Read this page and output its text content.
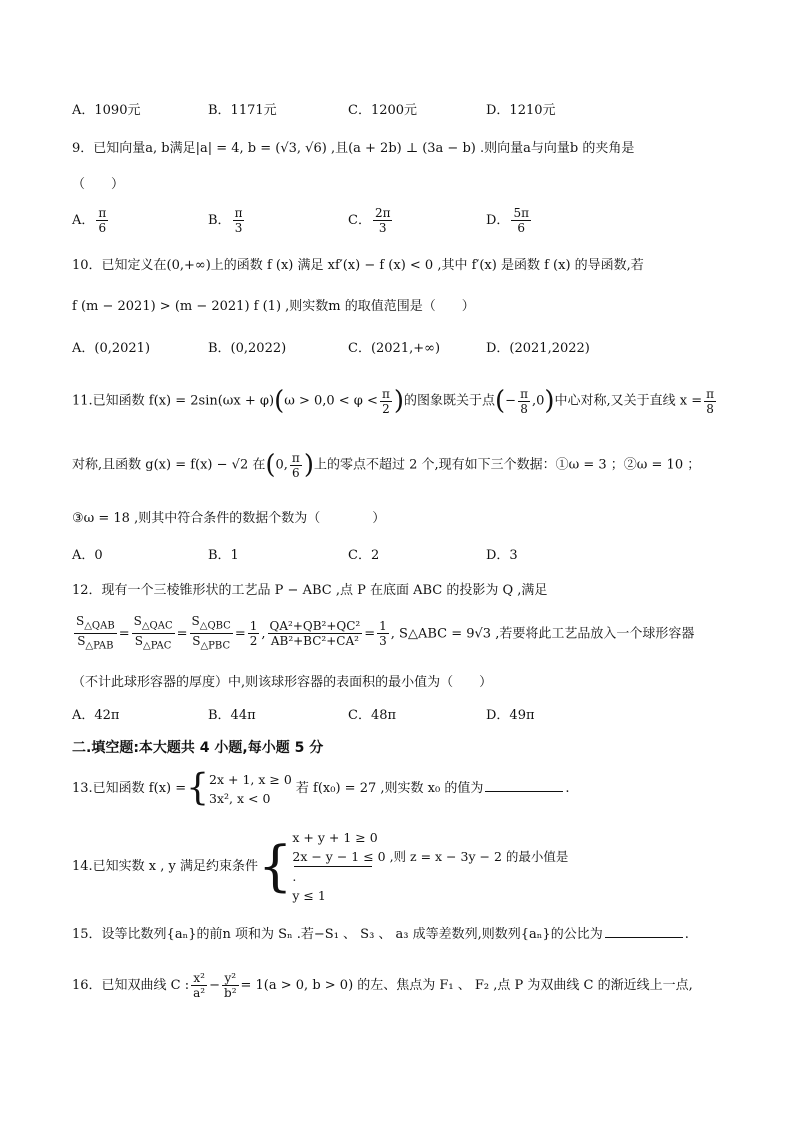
A．1090元	B．1171元	C．1200元	D．1210元
9．已知向量a, b满足|a| = 4, b = (√3, √6) ,且(a + 2b) ⊥ (3a − b) .则向量a与向量b 的夹角是
（　　）
A． $\frac{\pi}{6}$	B． $\frac{\pi}{3}$	C． $\frac{2\pi}{3}$	D． $\frac{5\pi}{6}$
10．已知定义在(0,+∞)上的函数 f (x) 满足 xf′(x) − f (x) < 0 ,其中 f′(x) 是函数 f (x) 的导函数,若
f (m − 2021) > (m − 2021) f (1) ,则实数m 的取值范围是（　　）
A．(0,2021)	B．(0,2022)	C．(2021,+∞)	D．(2021,2022)
11.已知函数 $f(x) = 2\sin(\omega x + \varphi)(\omega > 0,0 < \varphi < \frac{\pi}{2}$ )的图象既关于点(− $\frac{\pi}{8} ,0$)中心对称,又关于直线 $x = \frac{\pi}{8}$
对称,且函数 g(x) = f(x) − √2 在(0, $\frac{\pi}{6}$ )上的零点不超过 2 个,现有如下三个数据：①ω = 3 ；②ω = 10 ；
③ω = 18 ,则其中符合条件的数据个数为（　　　　）
A．0	B．1	C．2	D．3
12．现有一个三棱锥形状的工艺品 P − ABC ,点 P 在底面 ABC 的投影为 Q ,满足
$\frac{S_{\triangle QAB}}{S_{\triangle PAB}} = \frac{S_{\triangle QAC}}{S_{\triangle PAC}} = \frac{S_{\triangle QBC}}{S_{\triangle PBC}} = \frac{1}{2}$ , $\frac{\text{QA²+QB²+QC²}}{\text{AB²+BC²+CA²}} = \frac{1}{3}$ , S△ABC = 9√3 ,若要将此工艺品放入一个球形容器
（不计此球形容器的厚度）中,则该球形容器的表面积的最小值为（　　）
A．42π	B．44π	C．48π	D．49π
二.填空题:本大题共 4 小题,每小题 5 分
13.已知函数 f(x) ={ 2x + 1, x ≥ 0
3x², x < 0
若 f(x₀) = 27 ,则实数 x₀ 的值为	.
14.已知实数 x , y 满足约束条件{ x + y + 1 ≥ 0
2x − y − 1 ≤ 0 ,则 z = x − 3y − 2 的最小值是
.
y ≤ 1
15．设等比数列{aₙ}的前n 项和为 Sₙ .若−S₁ 、 S₃ 、 a₃ 成等差数列,则数列{aₙ}的公比为	.
16．已知双曲线 C : $\frac{\text{x²}}{\text{a²}} - \frac{\text{y²}}{\text{b²}} = 1(a > 0$, b > 0) 的左、焦点为 F₁ 、 F₂ ,点 P 为双曲线 C 的渐近线上一点,
